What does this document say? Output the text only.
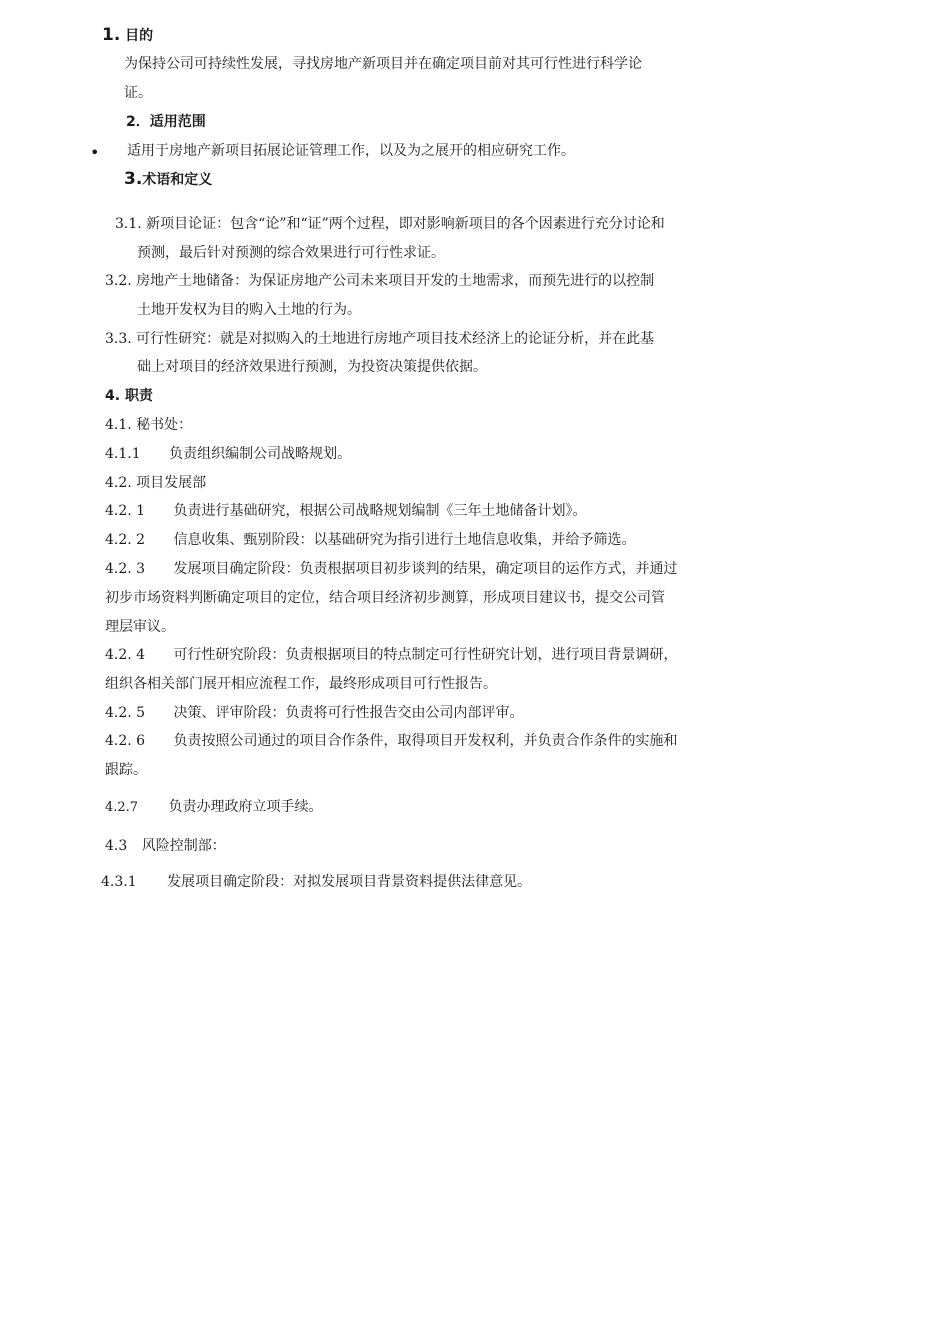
1. 目的
为保持公司可持续性发展，寻找房地产新项目并在确定项目前对其可行性进行科学论
证。
2．适用范围
• 适用于房地产新项目拓展论证管理工作，以及为之展开的相应研究工作。
3.术语和定义
3.1. 新项目论证：包含“论”和“证”两个过程，即对影响新项目的各个因素进行充分讨论和
预测，最后针对预测的综合效果进行可行性求证。
3.2. 房地产土地储备：为保证房地产公司未来项目开发的土地需求，而预先进行的以控制
土地开发权为目的购入土地的行为。
3.3. 可行性研究：就是对拟购入的土地进行房地产项目技术经济上的论证分析，并在此基
础上对项目的经济效果进行预测，为投资决策提供依据。
4. 职责
4.1. 秘书处：
4.1.1 负责组织编制公司战略规划。
4.2. 项目发展部
4.2. 1 负责进行基础研究，根据公司战略规划编制《三年土地储备计划》。
4.2. 2 信息收集、甄别阶段：以基础研究为指引进行土地信息收集，并给予筛选。
4.2. 3 发展项目确定阶段：负责根据项目初步谈判的结果，确定项目的运作方式，并通过
初步市场资料判断确定项目的定位，结合项目经济初步测算，形成项目建议书，提交公司管
理层审议。
4.2. 4 可行性研究阶段：负责根据项目的特点制定可行性研究计划，进行项目背景调研，
组织各相关部门展开相应流程工作，最终形成项目可行性报告。
4.2. 5 决策、评审阶段：负责将可行性报告交由公司内部评审。
4.2. 6 负责按照公司通过的项目合作条件，取得项目开发权利，并负责合作条件的实施和
跟踪。
4.2.7 负责办理政府立项手续。
4.3 风险控制部：
4.3.1 发展项目确定阶段：对拟发展项目背景资料提供法律意见。
